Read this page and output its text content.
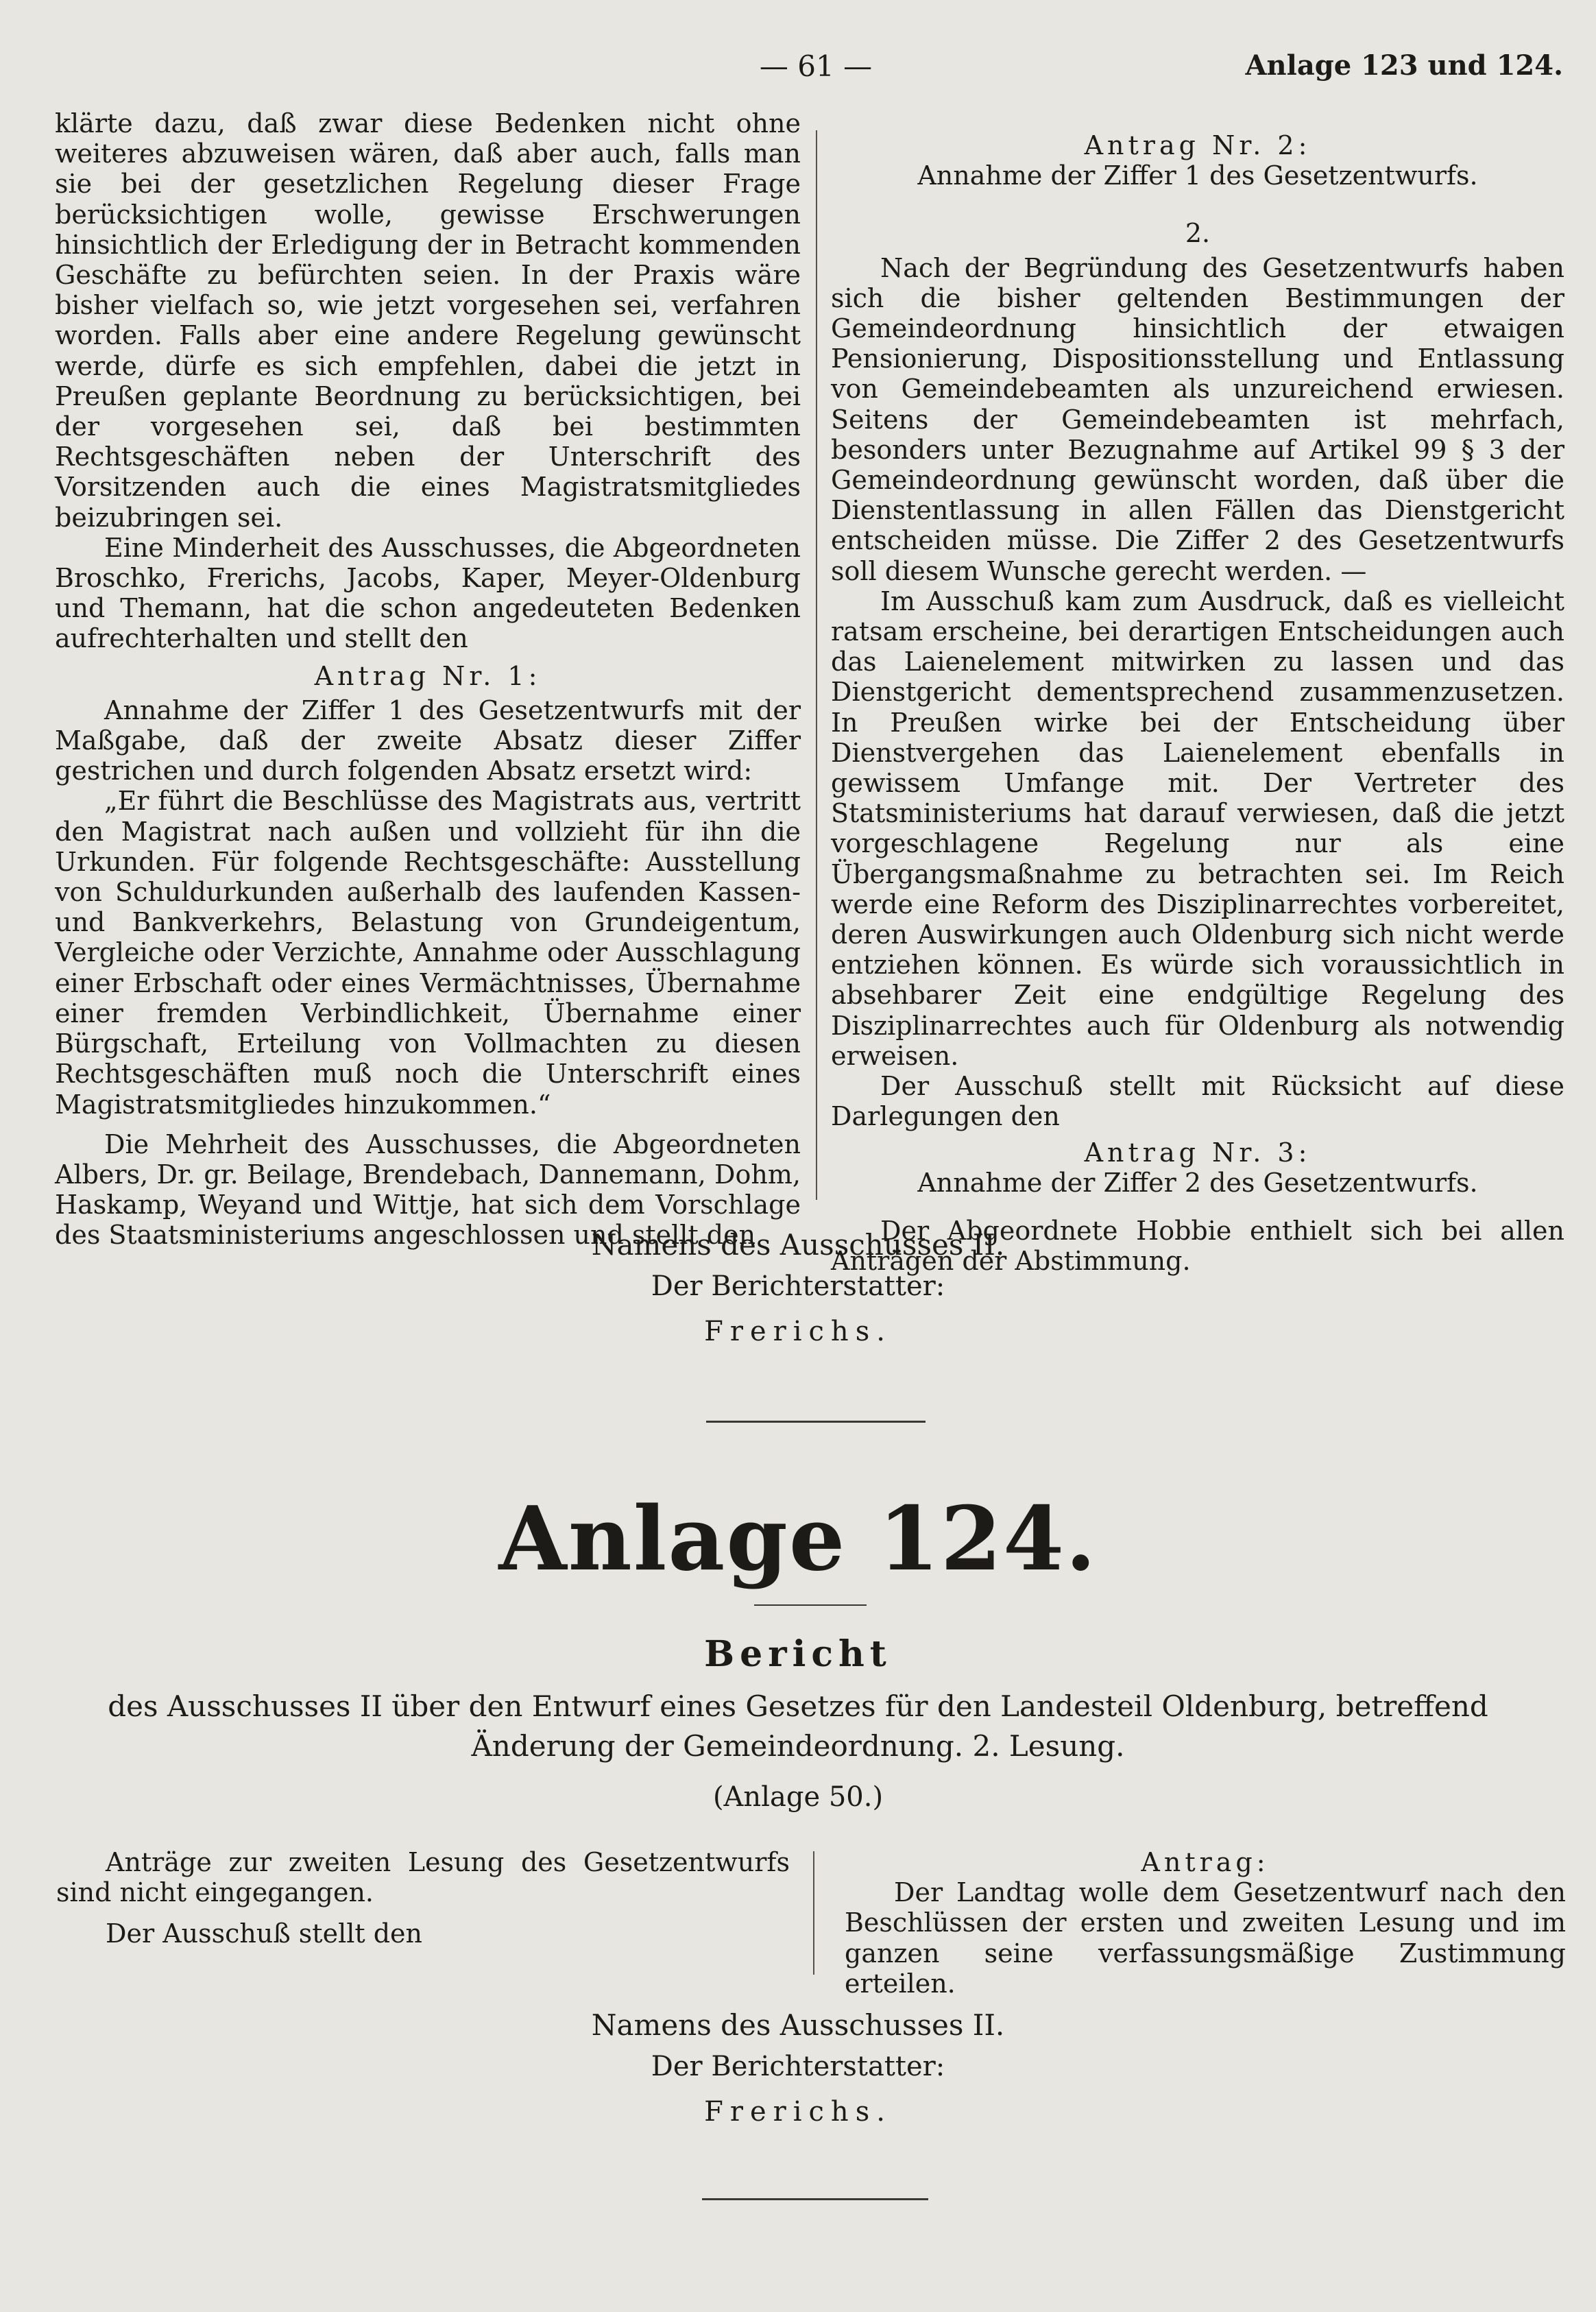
— 61 —	Anlage 123 und 124.

klärte dazu, daß zwar diese Bedenken nicht ohne weiteres abzuweisen wären, daß aber auch, falls man sie bei der gesetzlichen Regelung dieser Frage berücksichtigen wolle, gewisse Erschwerungen hinsichtlich der Erledigung der in Betracht kommenden Geschäfte zu befürchten seien. In der Praxis wäre bisher vielfach so, wie jetzt vorgesehen sei, verfahren worden. Falls aber eine andere Regelung gewünscht werde, dürfe es sich empfehlen, dabei die jetzt in Preußen geplante Beordnung zu berücksichtigen, bei der vorgesehen sei, daß bei bestimmten Rechtsgeschäften neben der Unterschrift des Vorsitzenden auch die eines Magistratsmitgliedes beizubringen sei.

Eine Minderheit des Ausschusses, die Abgeordneten Broschko, Frerichs, Jacobs, Kaper, Meyer-Oldenburg und Themann, hat die schon angedeuteten Bedenken aufrechterhalten und stellt den

Antrag Nr. 1:

Annahme der Ziffer 1 des Gesetzentwurfs mit der Maßgabe, daß der zweite Absatz dieser Ziffer gestrichen und durch folgenden Absatz ersetzt wird:

„Er führt die Beschlüsse des Magistrats aus, vertritt den Magistrat nach außen und vollzieht für ihn die Urkunden. Für folgende Rechtsgeschäfte: Ausstellung von Schuldurkunden außerhalb des laufenden Kassen- und Bankverkehrs, Belastung von Grundeigentum, Vergleiche oder Verzichte, Annahme oder Ausschlagung einer Erbschaft oder eines Vermächtnisses, Übernahme einer fremden Verbindlichkeit, Übernahme einer Bürgschaft, Erteilung von Vollmachten zu diesen Rechtsgeschäften muß noch die Unterschrift eines Magistratsmitgliedes hinzukommen.“

Die Mehrheit des Ausschusses, die Abgeordneten Albers, Dr. gr. Beilage, Brendebach, Dannemann, Dohm, Haskamp, Weyand und Wittje, hat sich dem Vorschlage des Staatsministeriums angeschlossen und stellt den

Antrag Nr. 2:

Annahme der Ziffer 1 des Gesetzentwurfs.

2.

Nach der Begründung des Gesetzentwurfs haben sich die bisher geltenden Bestimmungen der Gemeindeordnung hinsichtlich der etwaigen Pensionierung, Dispositionsstellung und Entlassung von Gemeindebeamten als unzureichend erwiesen. Seitens der Gemeindebeamten ist mehrfach, besonders unter Bezugnahme auf Artikel 99 § 3 der Gemeindeordnung gewünscht worden, daß über die Dienstentlassung in allen Fällen das Dienstgericht entscheiden müsse. Die Ziffer 2 des Gesetzentwurfs soll diesem Wunsche gerecht werden. —

Im Ausschuß kam zum Ausdruck, daß es vielleicht ratsam erscheine, bei derartigen Entscheidungen auch das Laienelement mitwirken zu lassen und das Dienstgericht dementsprechend zusammenzusetzen. In Preußen wirke bei der Entscheidung über Dienstvergehen das Laienelement ebenfalls in gewissem Umfange mit. Der Vertreter des Statsministeriums hat darauf verwiesen, daß die jetzt vorgeschlagene Regelung nur als eine Übergangsmaßnahme zu betrachten sei. Im Reich werde eine Reform des Disziplinarrechtes vorbereitet, deren Auswirkungen auch Oldenburg sich nicht werde entziehen können. Es würde sich voraussichtlich in absehbarer Zeit eine endgültige Regelung des Disziplinarrechtes auch für Oldenburg als notwendig erweisen.

Der Ausschuß stellt mit Rücksicht auf diese Darlegungen den

Antrag Nr. 3:

Annahme der Ziffer 2 des Gesetzentwurfs.

Der Abgeordnete Hobbie enthielt sich bei allen Anträgen der Abstimmung.

Namens des Ausschusses II.
Der Berichterstatter:
Frerichs.
Anlage 124.
Bericht
des Ausschusses II über den Entwurf eines Gesetzes für den Landesteil Oldenburg, betreffend Änderung der Gemeindeordnung. 2. Lesung.
(Anlage 50.)

Anträge zur zweiten Lesung des Gesetzentwurfs sind nicht eingegangen.

Der Ausschuß stellt den

Antrag:

Der Landtag wolle dem Gesetzentwurf nach den Beschlüssen der ersten und zweiten Lesung und im ganzen seine verfassungsmäßige Zustimmung erteilen.

Namens des Ausschusses II.
Der Berichterstatter:
Frerichs.
